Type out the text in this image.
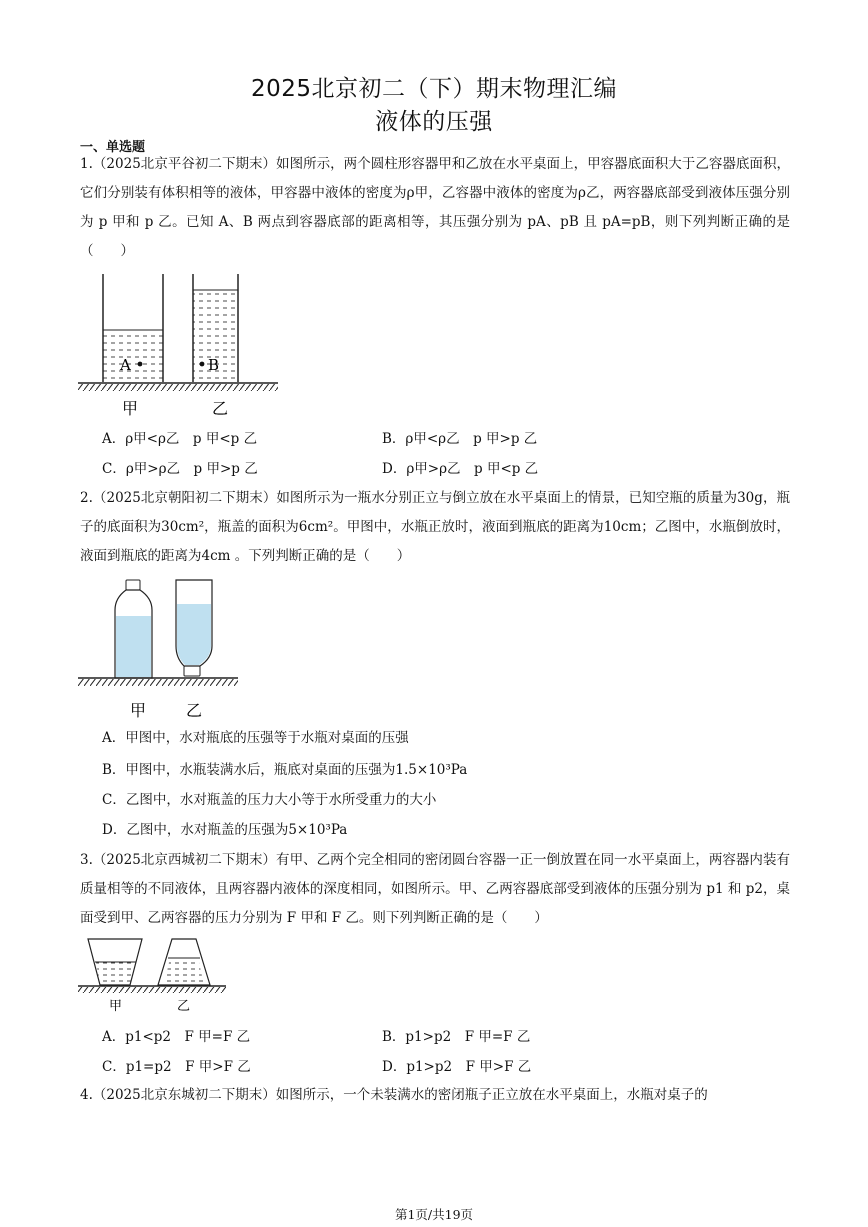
2025北京初二（下）期末物理汇编
液体的压强
一、单选题
1.（2025北京平谷初二下期末）如图所示，两个圆柱形容器甲和乙放在水平桌面上，甲容器底面积大于乙容器底面积，它们分别装有体积相等的液体，甲容器中液体的密度为ρ甲，乙容器中液体的密度为ρ乙，两容器底部受到液体压强分别为 p 甲和 p 乙。已知 A、B 两点到容器底部的距离相等，其压强分别为 pA、pB 且 pA=pB，则下列判断正确的是（　　）
A	B
甲	乙
A．ρ甲<ρ乙　p 甲<p 乙	B．ρ甲<ρ乙　p 甲>p 乙
C．ρ甲>ρ乙　p 甲>p 乙	D．ρ甲>ρ乙　p 甲<p 乙
2.（2025北京朝阳初二下期末）如图所示为一瓶水分别正立与倒立放在水平桌面上的情景，已知空瓶的质量为30g，瓶子的底面积为30cm²，瓶盖的面积为6cm²。甲图中，水瓶正放时，液面到瓶底的距离为10cm；乙图中，水瓶倒放时，液面到瓶底的距离为4cm 。下列判断正确的是（　　）
甲 乙
A．甲图中，水对瓶底的压强等于水瓶对桌面的压强
B．甲图中，水瓶装满水后，瓶底对桌面的压强为1.5×10³Pa
C．乙图中，水对瓶盖的压力大小等于水所受重力的大小
D．乙图中，水对瓶盖的压强为5×10³Pa
3.（2025北京西城初二下期末）有甲、乙两个完全相同的密闭圆台容器一正一倒放置在同一水平桌面上，两容器内装有质量相等的不同液体，且两容器内液体的深度相同，如图所示。甲、乙两容器底部受到液体的压强分别为 p1 和 p2，桌面受到甲、乙两容器的压力分别为 F 甲和 F 乙。则下列判断正确的是（　　）
甲	乙
A．p1<p2　F 甲=F 乙	B．p1>p2　F 甲=F 乙
C．p1=p2　F 甲>F 乙	D．p1>p2　F 甲>F 乙
4.（2025北京东城初二下期末）如图所示，一个未装满水的密闭瓶子正立放在水平桌面上，水瓶对桌子的
第1页/共19页
